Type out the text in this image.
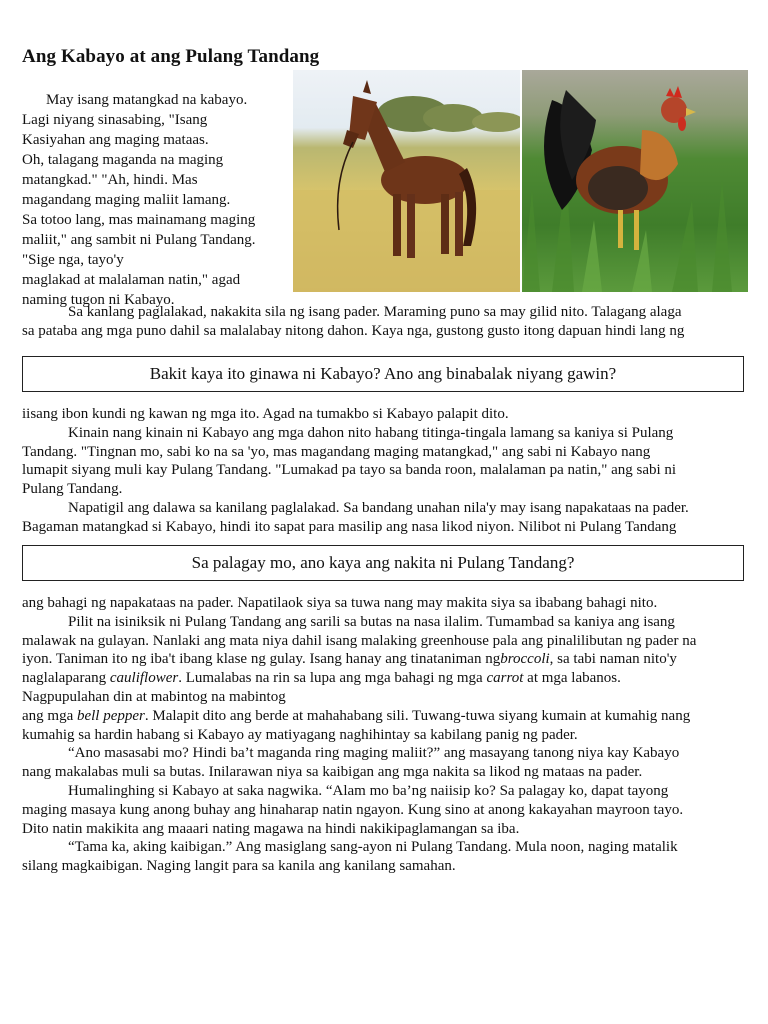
Ang Kabayo at ang Pulang Tandang
May isang matangkad na kabayo.
Lagi niyang sinasabing, "Isang
Kasiyahan ang maging mataas.
Oh, talagang maganda na maging
matangkad." "Ah, hindi. Mas
magandang maging maliit lamang.
Sa totoo lang, mas mainamang maging
maliit," ang sambit ni Pulang Tandang.
"Sige nga, tayo'y
maglakad at malalaman natin," agad
naming tugon ni Kabayo.
Sa kanlang paglalakad, nakakita sila ng isang pader. Maraming puno sa may gilid nito. Talagang alaga
sa pataba ang mga puno dahil sa malalabay nitong dahon. Kaya nga, gustong gusto itong dapuan hindi lang ng
Bakit kaya ito ginawa ni Kabayo? Ano ang binabalak niyang gawin?
iisang ibon kundi ng kawan ng mga ito. Agad na tumakbo si Kabayo palapit dito.
Kinain nang kinain ni Kabayo ang mga dahon nito habang titinga-tingala lamang sa kaniya si Pulang
Tandang. "Tingnan mo, sabi ko na sa 'yo, mas magandang maging matangkad," ang sabi ni Kabayo nang
lumapit siyang muli kay Pulang Tandang. "Lumakad pa tayo sa banda roon, malalaman pa natin," ang sabi ni
Pulang Tandang.
Napatigil ang dalawa sa kanilang paglalakad. Sa bandang unahan nila'y may isang napakataas na pader.
Bagaman matangkad si Kabayo, hindi ito sapat para masilip ang nasa likod niyon. Nilibot ni Pulang Tandang
Sa palagay mo, ano kaya ang nakita ni Pulang Tandang?
ang bahagi ng napakataas na pader. Napatilaok siya sa tuwa nang may makita siya sa ibabang bahagi nito.
Pilit na isiniksik ni Pulang Tandang ang sarili sa butas na nasa ilalim. Tumambad sa kaniya ang isang
malawak na gulayan. Nanlaki ang mata niya dahil isang malaking greenhouse pala ang pinalilibutan ng pader na
iyon. Taniman ito ng iba't ibang klase ng gulay. Isang hanay ang tinataniman ngbroccoli, sa tabi naman nito'y
naglalaparang cauliflower. Lumalabas na rin sa lupa ang mga bahagi ng mga carrot at mga labanos.
Nagpupulahan din at mabintog na mabintog
ang mga bell pepper. Malapit dito ang berde at mahahabang sili. Tuwang-tuwa siyang kumain at kumahig nang
kumahig sa hardin habang si Kabayo ay matiyagang naghihintay sa kabilang panig ng pader.
“Ano masasabi mo? Hindi ba’t maganda ring maging maliit?” ang masayang tanong niya kay Kabayo
nang makalabas muli sa butas. Inilarawan niya sa kaibigan ang mga nakita sa likod ng mataas na pader.
Humalinghing si Kabayo at saka nagwika. “Alam mo ba’ng naiisip ko? Sa palagay ko, dapat tayong
maging masaya kung anong buhay ang hinaharap natin ngayon. Kung sino at anong kakayahan mayroon tayo.
Dito natin makikita ang maaari nating magawa na hindi nakikipaglamangan sa iba.
“Tama ka, aking kaibigan.” Ang masiglang sang-ayon ni Pulang Tandang. Mula noon, naging matalik
silang magkaibigan. Naging langit para sa kanila ang kanilang samahan.
